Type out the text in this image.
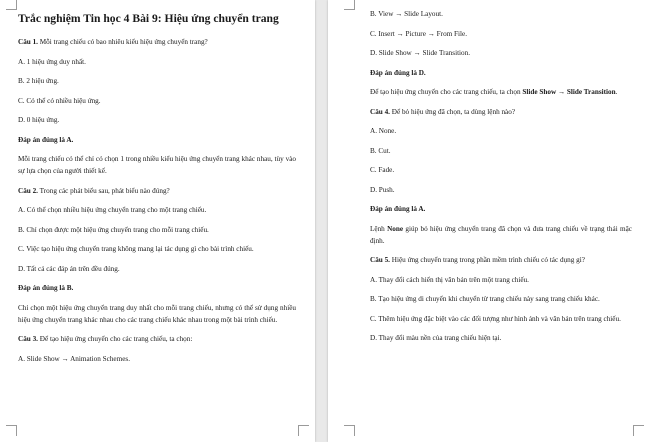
Trắc nghiệm Tin học 4 Bài 9: Hiệu ứng chuyển trang

Câu 1. Mỗi trang chiếu có bao nhiêu kiểu hiệu ứng chuyển trang?

A. 1 hiệu ứng duy nhất.

B. 2 hiệu ứng.

C. Có thể có nhiều hiệu ứng.

D. 0 hiệu ứng.

Đáp án đúng là A.

Mỗi trang chiếu có thể chỉ có chọn 1 trong nhiều kiểu hiệu ứng chuyển trang khác nhau, tùy vào sự lựa chọn của người thiết kế.

Câu 2. Trong các phát biểu sau, phát biểu nào đúng?

A. Có thể chọn nhiều hiệu ứng chuyển trang cho một trang chiếu.

B. Chỉ chọn được một hiệu ứng chuyển trang cho mỗi trang chiếu.

C. Việc tạo hiệu ứng chuyển trang không mang lại tác dụng gì cho bài trình chiếu.

D. Tất cả các đáp án trên đều đúng.

Đáp án đúng là B.

Chỉ chọn một hiệu ứng chuyển trang duy nhất cho mỗi trang chiếu, nhưng có thể sử dụng nhiều hiệu ứng chuyển trang khác nhau cho các trang chiếu khác nhau trong một bài trình chiếu.

Câu 3. Để tạo hiệu ứng chuyển cho các trang chiếu, ta chọn:

A. Slide Show → Animation Schemes.

B. View → Slide Layout.

C. Insert → Picture → From File.

D. Slide Show → Slide Transition.

Đáp án đúng là D.

Để tạo hiệu ứng chuyển cho các trang chiếu, ta chọn Slide Show → Slide Transition.

Câu 4. Để bỏ hiệu ứng đã chọn, ta dùng lệnh nào?

A. None.

B. Cut.

C. Fade.

D. Push.

Đáp án đúng là A.

Lệnh None giúp bỏ hiệu ứng chuyển trang đã chọn và đưa trang chiếu về trạng thái mặc định.

Câu 5. Hiệu ứng chuyển trang trong phần mềm trình chiếu có tác dụng gì?

A. Thay đổi cách hiển thị văn bản trên một trang chiếu.

B. Tạo hiệu ứng di chuyển khi chuyển từ trang chiếu này sang trang chiếu khác.

C. Thêm hiệu ứng đặc biệt vào các đối tượng như hình ảnh và văn bản trên trang chiếu.

D. Thay đổi màu nền của trang chiếu hiện tại.
